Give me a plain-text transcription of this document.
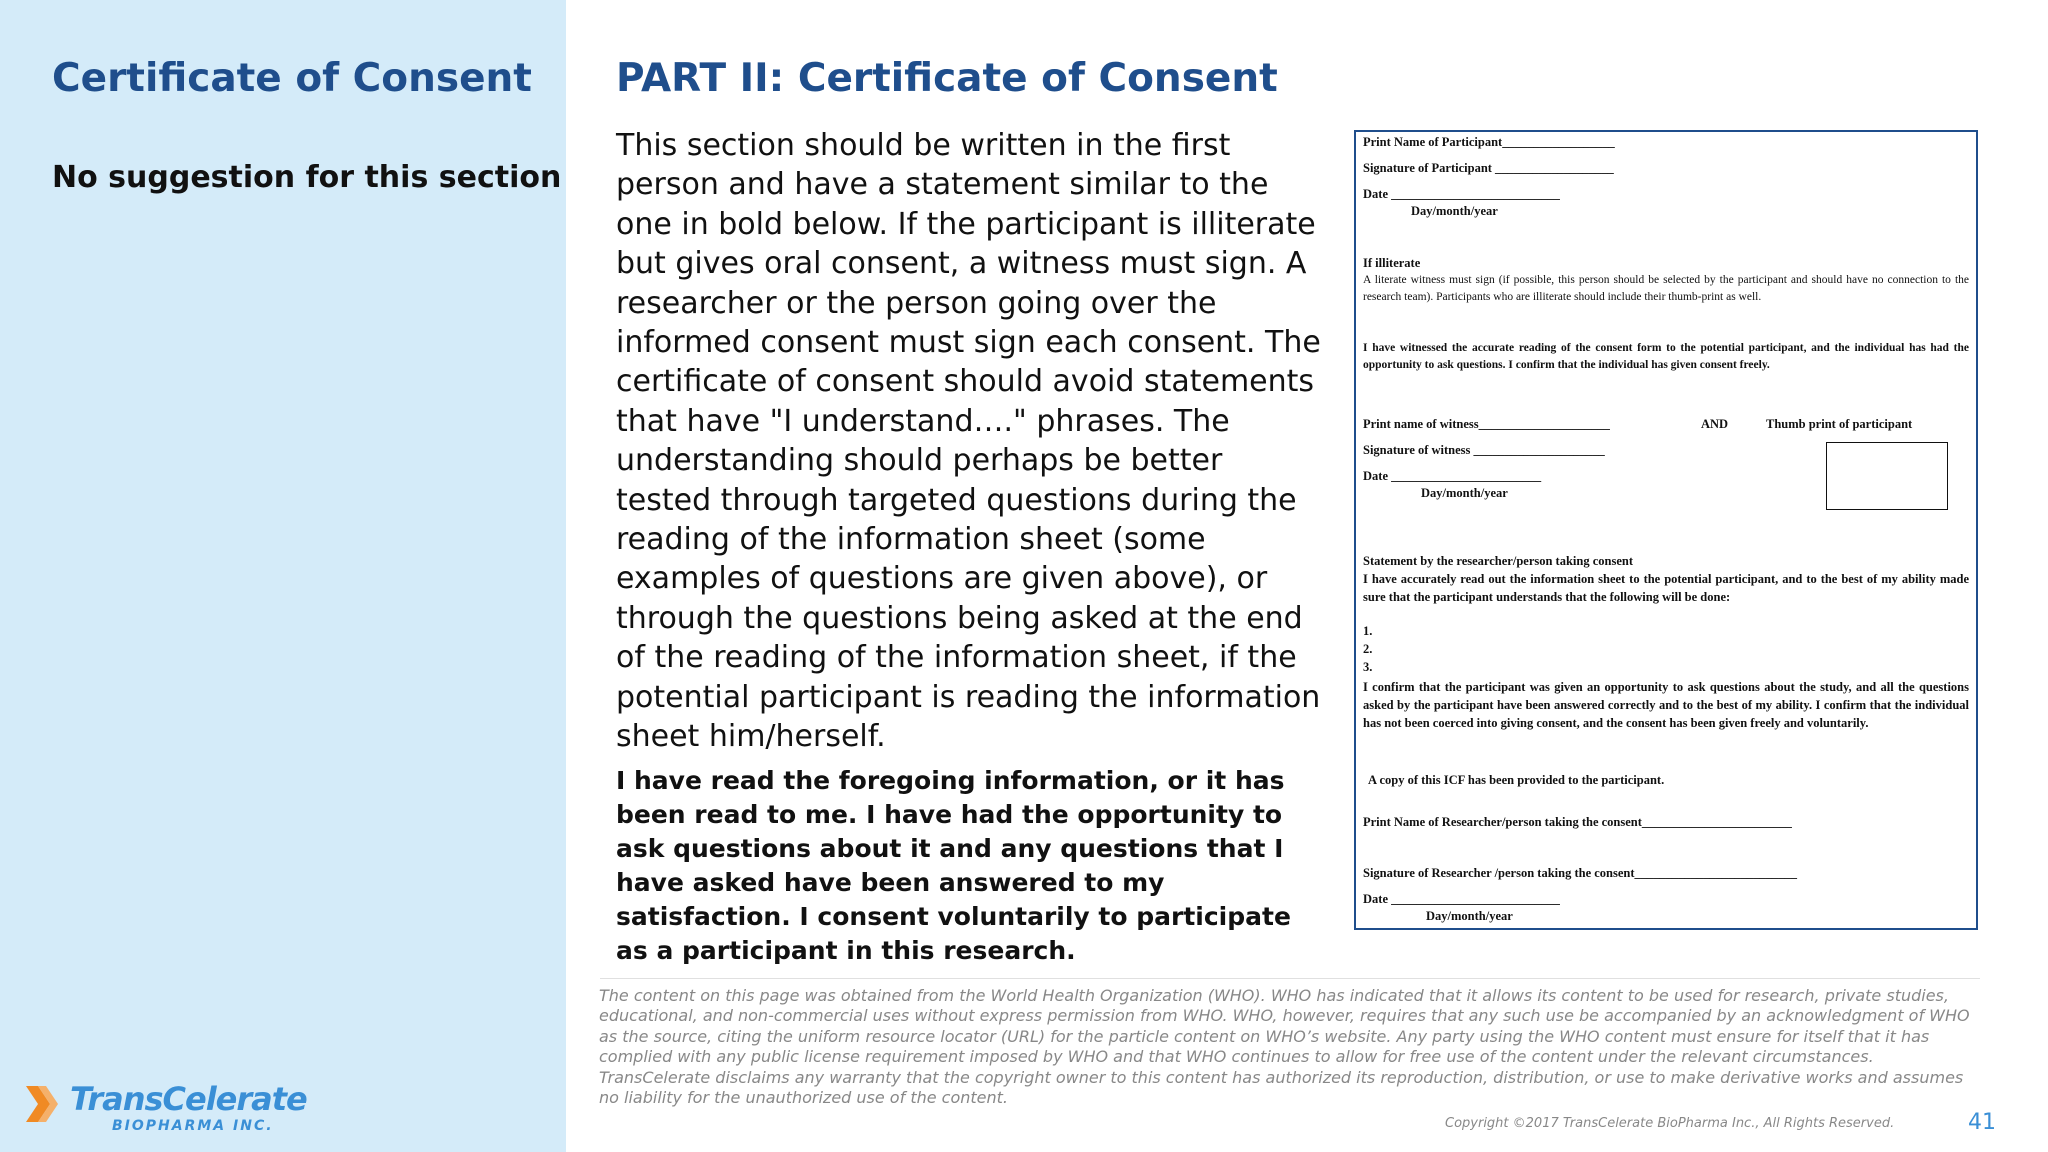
Certificate of Consent
No suggestion for this section
TransCelerate
BIOPHARMA INC.
PART II: Certificate of Consent
This section should be written in the first person and have a statement similar to the one in bold below. If the participant is illiterate but gives oral consent, a witness must sign. A researcher or the person going over the informed consent must sign each consent. The certificate of consent should avoid statements that have "I understand…." phrases. The understanding should perhaps be better tested through targeted questions during the reading of the information sheet (some examples of questions are given above), or through the questions being asked at the end of the reading of the information sheet, if the potential participant is reading the information sheet him/herself.
I have read the foregoing information, or it has been read to me. I have had the opportunity to ask questions about it and any questions that I have asked have been answered to my satisfaction. I consent voluntarily to participate as a participant in this research.
Print Name of Participant__________________
Signature of Participant ___________________
Date ___________________________
Day/month/year
If illiterate
A literate witness must sign (if possible, this person should be selected by the participant and should have no connection to the research team). Participants who are illiterate should include their thumb-print as well.
I have witnessed the accurate reading of the consent form to the potential participant, and the individual has had the opportunity to ask questions. I confirm that the individual has given consent freely.
Print name of witness_____________________	AND	Thumb print of participant
Signature of witness _____________________
Date ________________________
Day/month/year
Statement by the researcher/person taking consent
I have accurately read out the information sheet to the potential participant, and to the best of my ability made sure that the participant understands that the following will be done:
1.
2.
3.
I confirm that the participant was given an opportunity to ask questions about the study, and all the questions asked by the participant have been answered correctly and to the best of my ability. I confirm that the individual has not been coerced into giving consent, and the consent has been given freely and voluntarily.
A copy of this ICF has been provided to the participant.
Print Name of Researcher/person taking the consent________________________
Signature of Researcher /person taking the consent__________________________
Date ___________________________
Day/month/year
The content on this page was obtained from the World Health Organization (WHO). WHO has indicated that it allows its content to be used for research, private studies, educational, and non-commercial uses without express permission from WHO. WHO, however, requires that any such use be accompanied by an acknowledgment of WHO as the source, citing the uniform resource locator (URL) for the particle content on WHO’s website. Any party using the WHO content must ensure for itself that it has complied with any public license requirement imposed by WHO and that WHO continues to allow for free use of the content under the relevant circumstances. TransCelerate disclaims any warranty that the copyright owner to this content has authorized its reproduction, distribution, or use to make derivative works and assumes no liability for the unauthorized use of the content.
Copyright ©2017 TransCelerate BioPharma Inc., All Rights Reserved.	41
